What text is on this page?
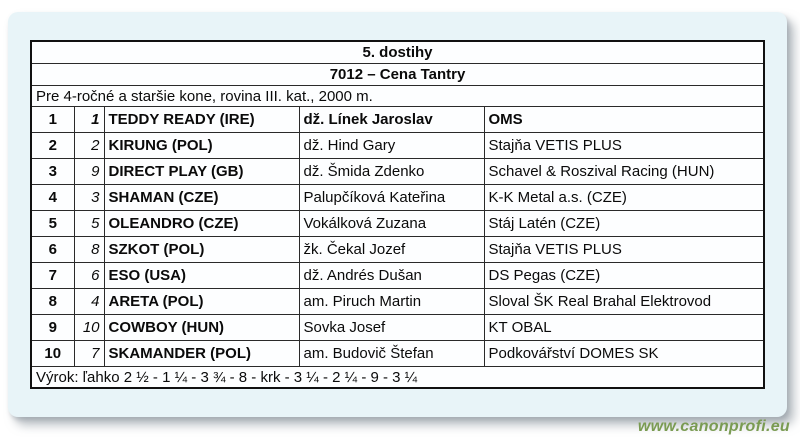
5. dostihy				
7012 – Cena Tantry				
Pre 4-ročné a staršie kone, rovina III. kat., 2000 m.				
1	1	TEDDY READY (IRE)	dž. Línek Jaroslav	OMS
2	2	KIRUNG (POL)	dž. Hind Gary	Stajňa VETIS PLUS
3	9	DIRECT PLAY (GB)	dž. Šmida Zdenko	Schavel & Roszival Racing (HUN)
4	3	SHAMAN (CZE)	Palupčíková Kateřina	K-K Metal a.s. (CZE)
5	5	OLEANDRO (CZE)	Vokálková Zuzana	Stáj Latén (CZE)
6	8	SZKOT (POL)	žk. Čekal Jozef	Stajňa VETIS PLUS
7	6	ESO (USA)	dž. Andrés Dušan	DS Pegas (CZE)
8	4	ARETA (POL)	am. Piruch Martin	Sloval ŠK Real Brahal Elektrovod
9	10	COWBOY (HUN)	Sovka Josef	KT OBAL
10	7	SKAMANDER (POL)	am. Budovič Štefan	Podkovářství DOMES SK
Výrok: ľahko 2 ½ - 1 ¼ - 3 ¾ - 8 - krk - 3 ¼ - 2 ¼ - 9 - 3 ¼				
www.canonprofi.eu
